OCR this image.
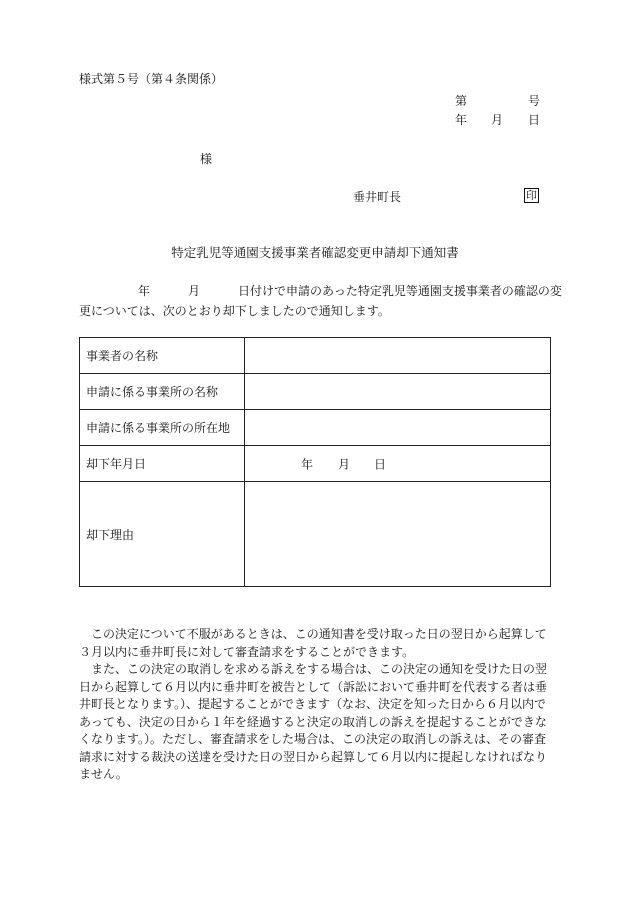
様式第５号（第４条関係）
第	号
年 月 日
様
垂井町長	印
特定乳児等通園支援事業者確認変更申請却下通知書
年	月	日付けで申請のあった特定乳児等通園支援事業者の確認の変
更については、次のとおり却下しましたので通知します。
事業者の名称	
申請に係る事業所の名称	
申請に係る事業所の所在地	
却下年月日	年 月 日

却下理由	

この決定について不服があるときは、この通知書を受け取った日の翌日から起算して３月以内に垂井町長に対して審査請求をすることができます。

また、この決定の取消しを求める訴えをする場合は、この決定の通知を受けた日の翌日から起算して６月以内に垂井町を被告として（訴訟において垂井町を代表する者は垂井町長となります。）、提起することができます（なお、決定を知った日から６月以内であっても、決定の日から１年を経過すると決定の取消しの訴えを提起することができなくなります。）。ただし、審査請求をした場合は、この決定の取消しの訴えは、その審査請求に対する裁決の送達を受けた日の翌日から起算して６月以内に提起しなければなりません。
